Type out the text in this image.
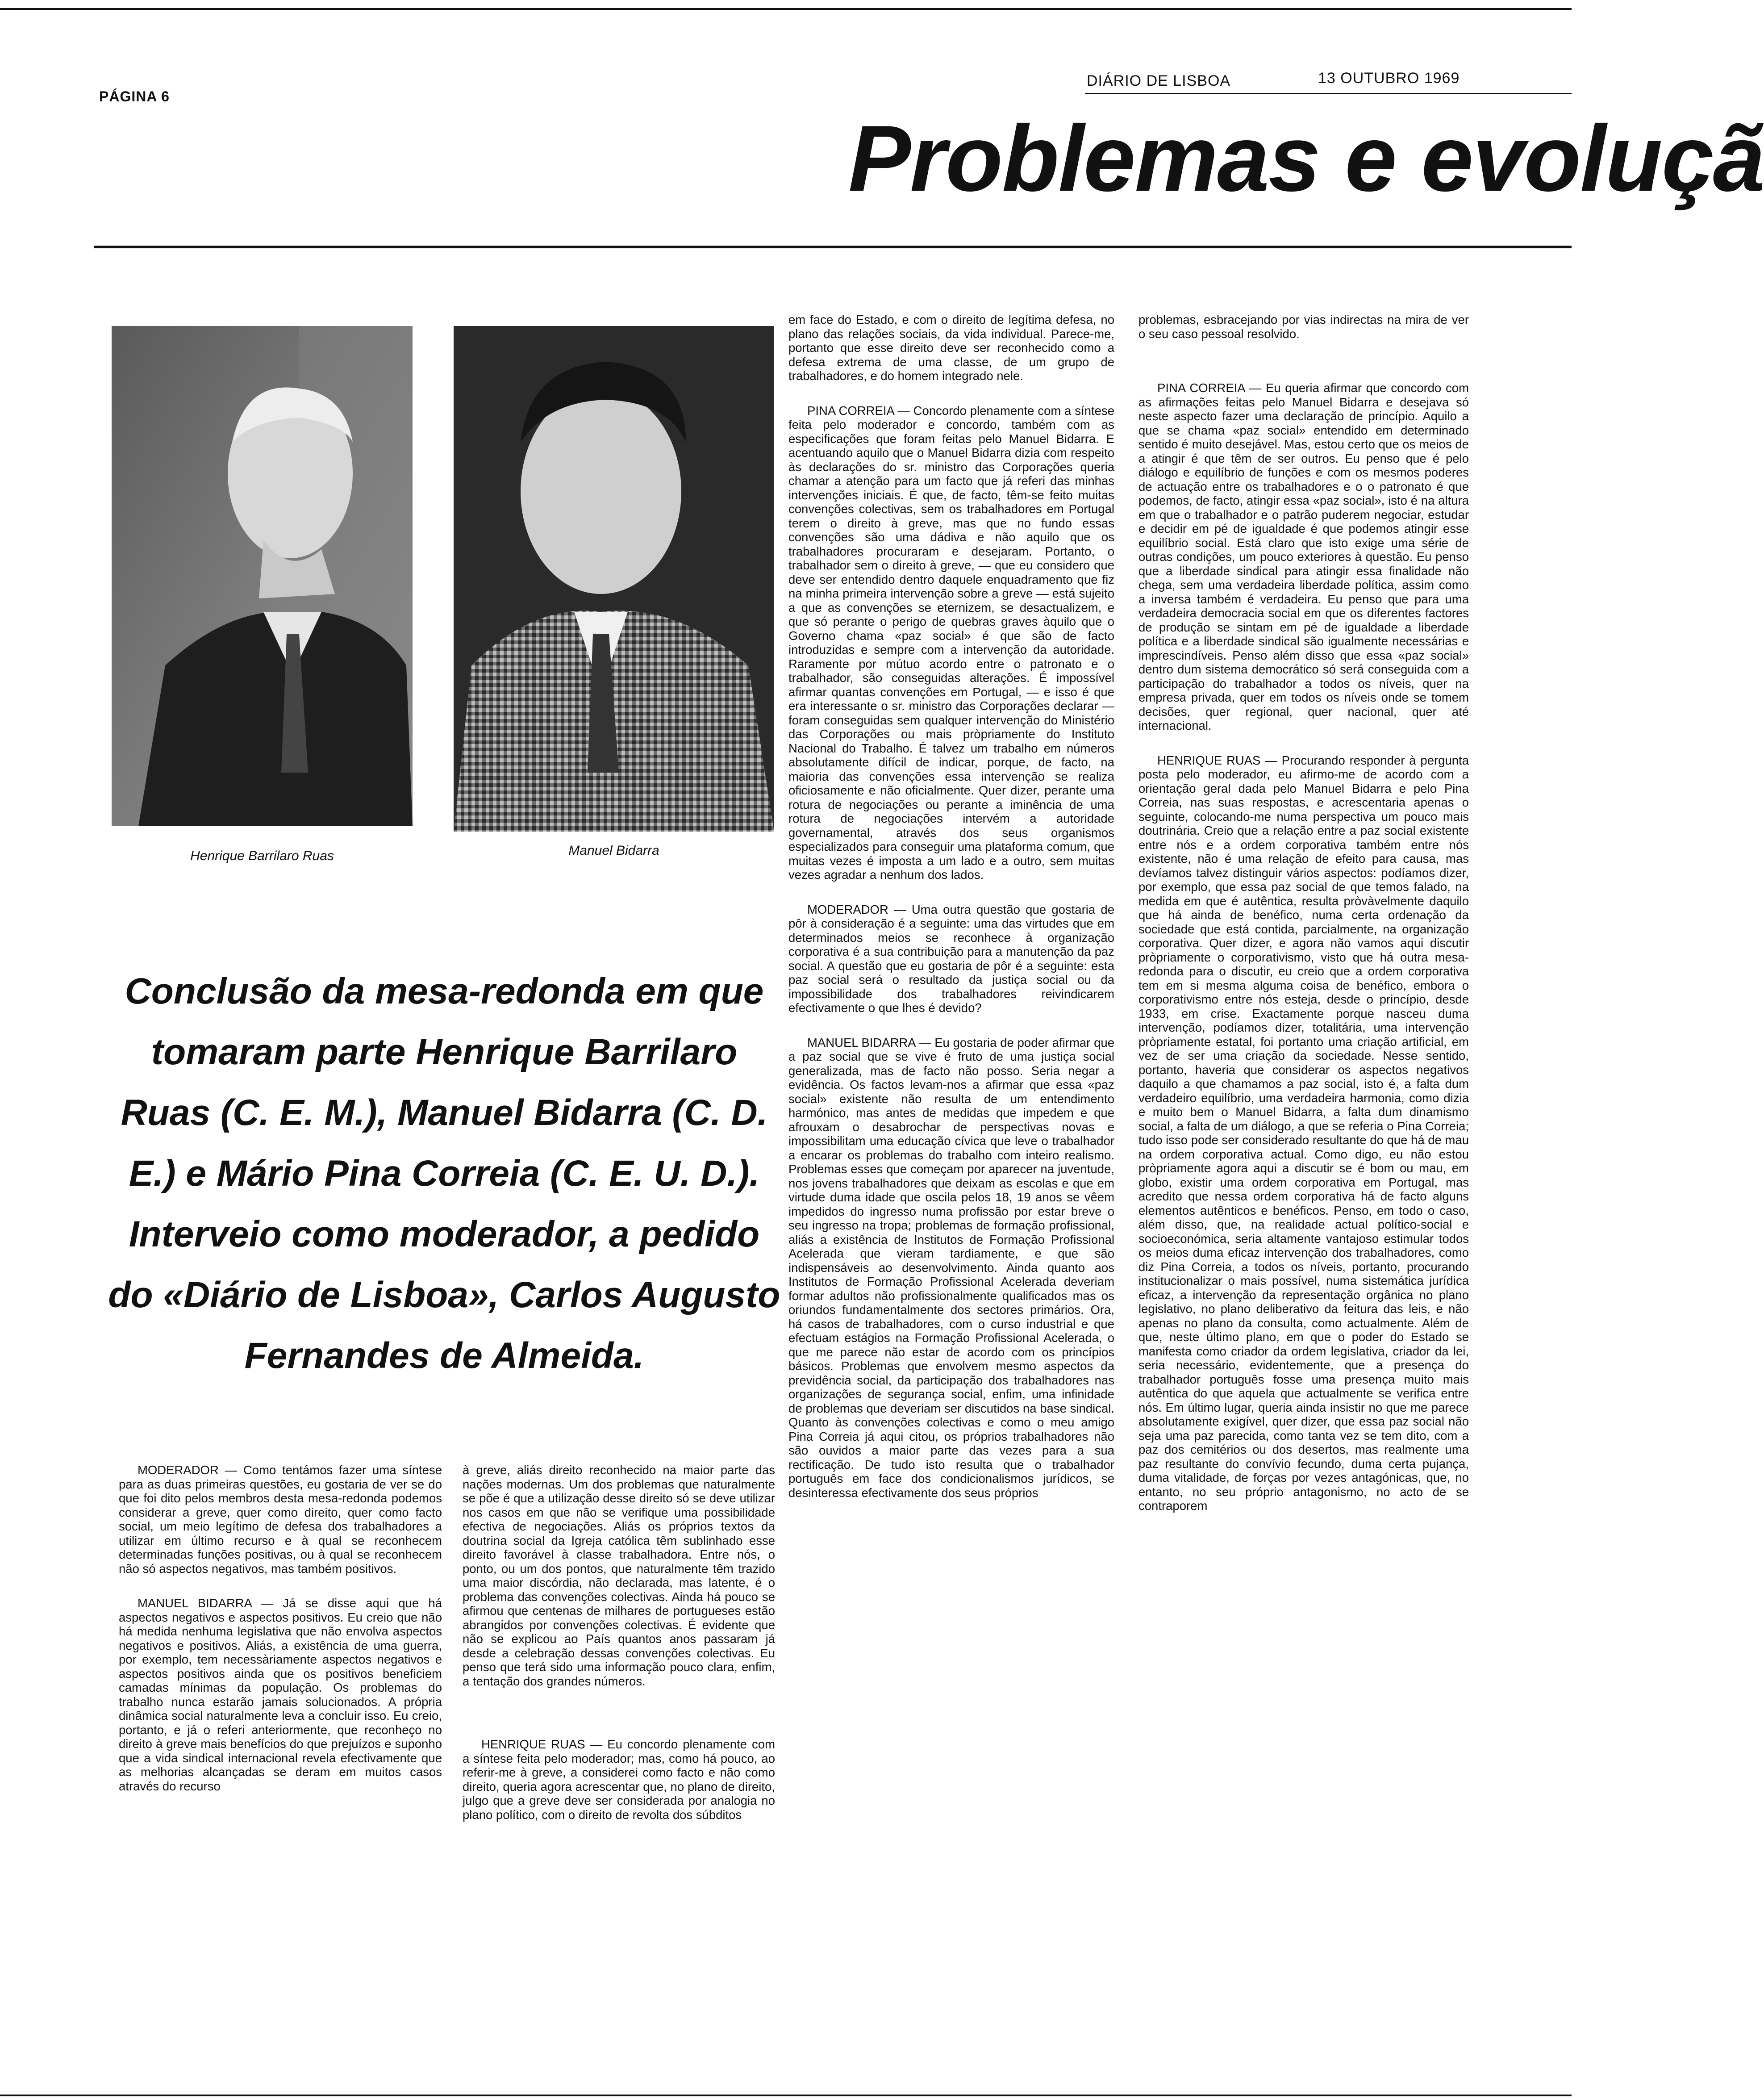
PÁGINA 6
DIÁRIO DE LISBOA	13 OUTUBRO 1969
Problemas e evoluçã
Henrique Barrilaro Ruas	Manuel Bidarra
Conclusão da mesa-redonda em que tomaram parte Henrique Barrilaro Ruas (C. E. M.), Manuel Bidarra (C. D. E.) e Mário Pina Correia (C. E. U. D.). Interveio como moderador, a pedido do «Diário de Lisboa», Carlos Augusto Fernandes de Almeida.

em face do Estado, e com o direito de legítima defesa, no plano das relações sociais, da vida individual. Parece-me, portanto que esse direito deve ser reconhecido como a defesa extrema de uma classe, de um grupo de trabalhadores, e do homem integrado nele.

PINA CORREIA — Concordo plenamente com a síntese feita pelo moderador e concordo, também com as especificações que foram feitas pelo Manuel Bidarra. E acentuando aquilo que o Manuel Bidarra dizia com respeito às declarações do sr. ministro das Corporações queria chamar a atenção para um facto que já referi das minhas intervenções iniciais. É que, de facto, têm-se feito muitas convenções colectivas, sem os trabalhadores em Portugal terem o direito à greve, mas que no fundo essas convenções são uma dádiva e não aquilo que os trabalhadores procuraram e desejaram. Portanto, o trabalhador sem o direito à greve, — que eu considero que deve ser entendido dentro daquele enquadramento que fiz na minha primeira intervenção sobre a greve — está sujeito a que as convenções se eternizem, se desactualizem, e que só perante o perigo de quebras graves àquilo que o Governo chama «paz social» é que são de facto introduzidas e sempre com a intervenção da autoridade. Raramente por mútuo acordo entre o patronato e o trabalhador, são conseguidas alterações. É impossível afirmar quantas convenções em Portugal, — e isso é que era interessante o sr. ministro das Corporações declarar — foram conseguidas sem qualquer intervenção do Ministério das Corporações ou mais pròpriamente do Instituto Nacional do Trabalho. É talvez um trabalho em números absolutamente difícil de indicar, porque, de facto, na maioria das convenções essa intervenção se realiza oficiosamente e não oficialmente. Quer dizer, perante uma rotura de negociações ou perante a iminência de uma rotura de negociações intervém a autoridade governamental, através dos seus organismos especializados para conseguir uma plataforma comum, que muitas vezes é imposta a um lado e a outro, sem muitas vezes agradar a nenhum dos lados.

MODERADOR — Uma outra questão que gostaria de pôr à consideração é a seguinte: uma das virtudes que em determinados meios se reconhece à organização corporativa é a sua contribuição para a manutenção da paz social. A questão que eu gostaria de pôr é a seguinte: esta paz social será o resultado da justiça social ou da impossibilidade dos trabalhadores reivindicarem efectivamente o que lhes é devido?

MANUEL BIDARRA — Eu gostaria de poder afirmar que a paz social que se vive é fruto de uma justiça social generalizada, mas de facto não posso. Seria negar a evidência. Os factos levam-nos a afirmar que essa «paz social» existente não resulta de um entendimento harmónico, mas antes de medidas que impedem e que afrouxam o desabrochar de perspectivas novas e impossibilitam uma educação cívica que leve o trabalhador a encarar os problemas do trabalho com inteiro realismo. Problemas esses que começam por aparecer na juventude, nos jovens trabalhadores que deixam as escolas e que em virtude duma idade que oscila pelos 18, 19 anos se vêem impedidos do ingresso numa profissão por estar breve o seu ingresso na tropa; problemas de formação profissional, aliás a existência de Institutos de Formação Profissional Acelerada que vieram tardiamente, e que são indispensáveis ao desenvolvimento. Ainda quanto aos Institutos de Formação Profissional Acelerada deveriam formar adultos não profissionalmente qualificados mas os oriundos fundamentalmente dos sectores primários. Ora, há casos de trabalhadores, com o curso industrial e que efectuam estágios na Formação Profissional Acelerada, o que me parece não estar de acordo com os princípios básicos. Problemas que envolvem mesmo aspectos da previdência social, da participação dos trabalhadores nas organizações de segurança social, enfim, uma infinidade de problemas que deveriam ser discutidos na base sindical. Quanto às convenções colectivas e como o meu amigo Pina Correia já aqui citou, os próprios trabalhadores não são ouvidos a maior parte das vezes para a sua rectificação. De tudo isto resulta que o trabalhador português em face dos condicionalismos jurídicos, se desinteressa efectivamente dos seus próprios

problemas, esbracejando por vias indirectas na mira de ver o seu caso pessoal resolvido.

PINA CORREIA — Eu queria afirmar que concordo com as afirmações feitas pelo Manuel Bidarra e desejava só neste aspecto fazer uma declaração de princípio. Aquilo a que se chama «paz social» entendido em determinado sentido é muito desejável. Mas, estou certo que os meios de a atingir é que têm de ser outros. Eu penso que é pelo diálogo e equilíbrio de funções e com os mesmos poderes de actuação entre os trabalhadores e o o patronato é que podemos, de facto, atingir essa «paz social», isto é na altura em que o trabalhador e o patrão puderem negociar, estudar e decidir em pé de igualdade é que podemos atingir esse equilíbrio social. Está claro que isto exige uma série de outras condições, um pouco exteriores à questão. Eu penso que a liberdade sindical para atingir essa finalidade não chega, sem uma verdadeira liberdade política, assim como a inversa também é verdadeira. Eu penso que para uma verdadeira democracia social em que os diferentes factores de produção se sintam em pé de igualdade a liberdade política e a liberdade sindical são igualmente necessárias e imprescindíveis. Penso além disso que essa «paz social» dentro dum sistema democrático só será conseguida com a participação do trabalhador a todos os níveis, quer na empresa privada, quer em todos os níveis onde se tomem decisões, quer regional, quer nacional, quer até internacional.

HENRIQUE RUAS — Procurando responder à pergunta posta pelo moderador, eu afirmo-me de acordo com a orientação geral dada pelo Manuel Bidarra e pelo Pina Correia, nas suas respostas, e acrescentaria apenas o seguinte, colocando-me numa perspectiva um pouco mais doutrinária. Creio que a relação entre a paz social existente entre nós e a ordem corporativa também entre nós existente, não é uma relação de efeito para causa, mas devíamos talvez distinguir vários aspectos: podíamos dizer, por exemplo, que essa paz social de que temos falado, na medida em que é autêntica, resulta pròvàvelmente daquilo que há ainda de benéfico, numa certa ordenação da sociedade que está contida, parcialmente, na organização corporativa. Quer dizer, e agora não vamos aqui discutir pròpriamente o corporativismo, visto que há outra mesa-redonda para o discutir, eu creio que a ordem corporativa tem em si mesma alguma coisa de benéfico, embora o corporativismo entre nós esteja, desde o princípio, desde 1933, em crise. Exactamente porque nasceu duma intervenção, podíamos dizer, totalitária, uma intervenção pròpriamente estatal, foi portanto uma criação artificial, em vez de ser uma criação da sociedade. Nesse sentido, portanto, haveria que considerar os aspectos negativos daquilo a que chamamos a paz social, isto é, a falta dum verdadeiro equilíbrio, uma verdadeira harmonia, como dizia e muito bem o Manuel Bidarra, a falta dum dinamismo social, a falta de um diálogo, a que se referia o Pina Correia; tudo isso pode ser considerado resultante do que há de mau na ordem corporativa actual. Como digo, eu não estou pròpriamente agora aqui a discutir se é bom ou mau, em globo, existir uma ordem corporativa em Portugal, mas acredito que nessa ordem corporativa há de facto alguns elementos autênticos e benéficos. Penso, em todo o caso, além disso, que, na realidade actual político-social e socioeconómica, seria altamente vantajoso estimular todos os meios duma eficaz intervenção dos trabalhadores, como diz Pina Correia, a todos os níveis, portanto, procurando institucionalizar o mais possível, numa sistemática jurídica eficaz, a intervenção da representação orgânica no plano legislativo, no plano deliberativo da feitura das leis, e não apenas no plano da consulta, como actualmente. Além de que, neste último plano, em que o poder do Estado se manifesta como criador da ordem legislativa, criador da lei, seria necessário, evidentemente, que a presença do trabalhador português fosse uma presença muito mais autêntica do que aquela que actualmente se verifica entre nós. Em último lugar, queria ainda insistir no que me parece absolutamente exigível, quer dizer, que essa paz social não seja uma paz parecida, como tanta vez se tem dito, com a paz dos cemitérios ou dos desertos, mas realmente uma paz resultante do convívio fecundo, duma certa pujança, duma vitalidade, de forças por vezes antagónicas, que, no entanto, no seu próprio antagonismo, no acto de se contraporem

MODERADOR — Como tentámos fazer uma síntese para as duas primeiras questões, eu gostaria de ver se do que foi dito pelos membros desta mesa-redonda podemos considerar a greve, quer como direito, quer como facto social, um meio legítimo de defesa dos trabalhadores a utilizar em último recurso e à qual se reconhecem determinadas funções positivas, ou à qual se reconhecem não só aspectos negativos, mas também positivos.

MANUEL BIDARRA — Já se disse aqui que há aspectos negativos e aspectos positivos. Eu creio que não há medida nenhuma legislativa que não envolva aspectos negativos e positivos. Aliás, a existência de uma guerra, por exemplo, tem necessàriamente aspectos negativos e aspectos positivos ainda que os positivos beneficiem camadas mínimas da população. Os problemas do trabalho nunca estarão jamais solucionados. A própria dinâmica social naturalmente leva a concluir isso. Eu creio, portanto, e já o referi anteriormente, que reconheço no direito à greve mais benefícios do que prejuízos e suponho que a vida sindical internacional revela efectivamente que as melhorias alcançadas se deram em muitos casos através do recurso

à greve, aliás direito reconhecido na maior parte das nações modernas. Um dos problemas que naturalmente se põe é que a utilização desse direito só se deve utilizar nos casos em que não se verifique uma possibilidade efectiva de negociações. Aliás os próprios textos da doutrina social da Igreja católica têm sublinhado esse direito favorável à classe trabalhadora. Entre nós, o ponto, ou um dos pontos, que naturalmente têm trazido uma maior discórdia, não declarada, mas latente, é o problema das convenções colectivas. Ainda há pouco se afirmou que centenas de milhares de portugueses estão abrangidos por convenções colectivas. É evidente que não se explicou ao País quantos anos passaram já desde a celebração dessas convenções colectivas. Eu penso que terá sido uma informação pouco clara, enfim, a tentação dos grandes números.

HENRIQUE RUAS — Eu concordo plenamente com a síntese feita pelo moderador; mas, como há pouco, ao referir-me à greve, a considerei como facto e não como direito, queria agora acrescentar que, no plano de direito, julgo que a greve deve ser considerada por analogia no plano político, com o direito de revolta dos súbditos
